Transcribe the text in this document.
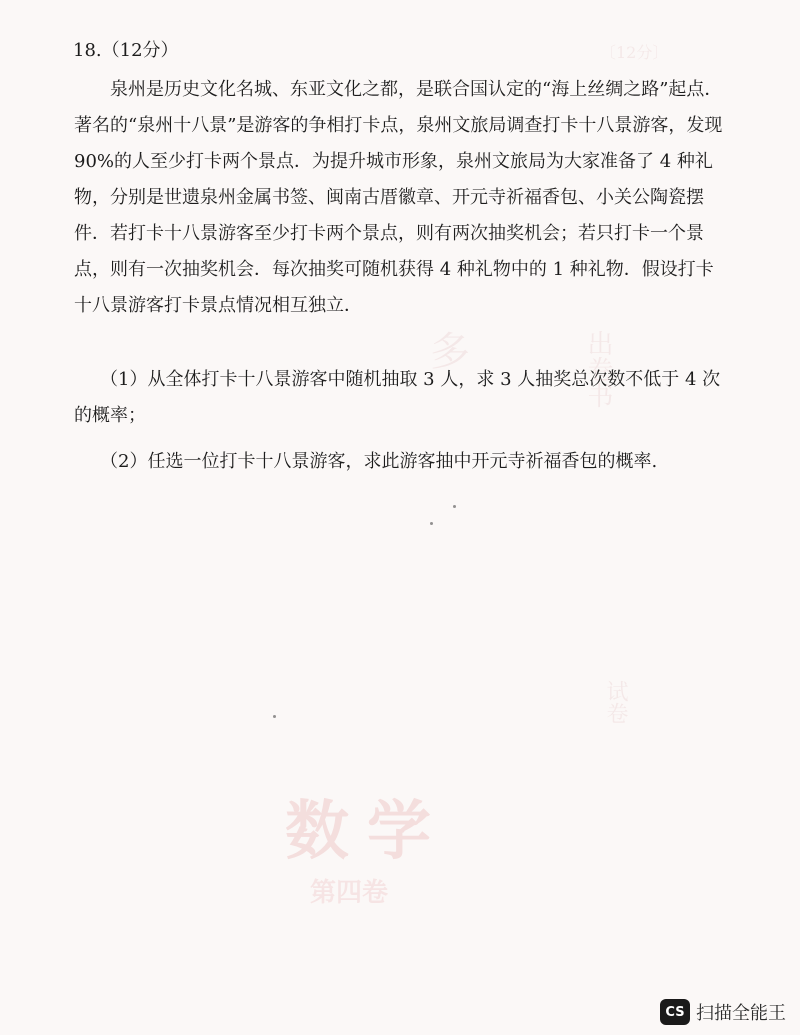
〔12分〕
多	出卷书
试卷
数学
第四卷
18.（12分）

泉州是历史文化名城、东亚文化之都，是联合国认定的“海上丝绸之路”起点．著名的“泉州十八景”是游客的争相打卡点，泉州文旅局调查打卡十八景游客，发现 90%的人至少打卡两个景点．为提升城市形象，泉州文旅局为大家准备了 4 种礼物，分别是世遗泉州金属书签、闽南古厝徽章、开元寺祈福香包、小关公陶瓷摆件．若打卡十八景游客至少打卡两个景点，则有两次抽奖机会；若只打卡一个景点，则有一次抽奖机会．每次抽奖可随机获得 4 种礼物中的 1 种礼物．假设打卡十八景游客打卡景点情况相互独立．

（1）从全体打卡十八景游客中随机抽取 3 人，求 3 人抽奖总次数不低于 4 次的概率；

（2）任选一位打卡十八景游客，求此游客抽中开元寺祈福香包的概率.

CS 扫描全能王
